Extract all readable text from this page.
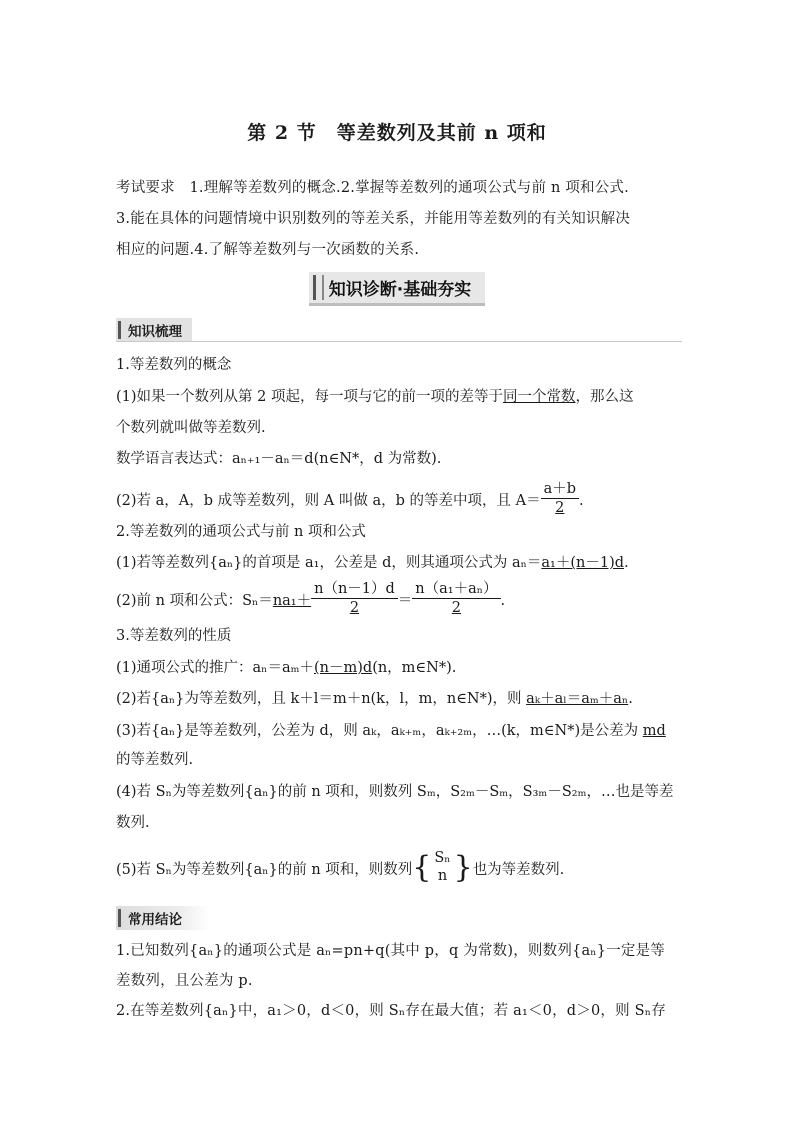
第 2 节　等差数列及其前 n 项和
考试要求　1.理解等差数列的概念.2.掌握等差数列的通项公式与前 n 项和公式.
3.能在具体的问题情境中识别数列的等差关系，并能用等差数列的有关知识解决
相应的问题.4.了解等差数列与一次函数的关系.
知识诊断·基础夯实
知识梳理
1.等差数列的概念
(1)如果一个数列从第 2 项起，每一项与它的前一项的差等于同一个常数，那么这
个数列就叫做等差数列.
数学语言表达式：aₙ₊₁－aₙ＝d(n∈N*，d 为常数).
(2)若 a，A，b 成等差数列，则 A 叫做 a，b 的等差中项，且 $A= \frac{a+b}{2}$ .
2.等差数列的通项公式与前 n 项和公式
(1)若等差数列{aₙ}的首项是 a₁，公差是 d，则其通项公式为 aₙ＝a₁＋(n－1)d.
(2)前 n 项和公式：$S_n=na_1+ \frac{n(n-1)d}{2} = \frac{\text{n（a₁＋aₙ）}}{2}$ .
3.等差数列的性质
(1)通项公式的推广：aₙ＝aₘ＋(n－m)d(n，m∈N*).
(2)若{aₙ}为等差数列，且 k＋l＝m＋n(k，l，m，n∈N*)，则 aₖ＋aₗ＝aₘ＋aₙ.
(3)若{aₙ}是等差数列，公差为 d，则 aₖ，aₖ₊ₘ，aₖ₊₂ₘ，…(k，m∈N*)是公差为 md
的等差数列.
(4)若 Sₙ为等差数列{aₙ}的前 n 项和，则数列 Sₘ，S₂ₘ－Sₘ，S₃ₘ－S₂ₘ，…也是等差
数列.
(5)若 Sₙ为等差数列{aₙ}的前 n 项和，则数列{ Sₙ
n }也为等差数列.
常用结论
1.已知数列{aₙ}的通项公式是 aₙ=pn+q(其中 p，q 为常数)，则数列{aₙ}一定是等
差数列，且公差为 p.
2.在等差数列{aₙ}中，a₁＞0，d＜0，则 Sₙ存在最大值；若 a₁＜0，d＞0，则 Sₙ存
